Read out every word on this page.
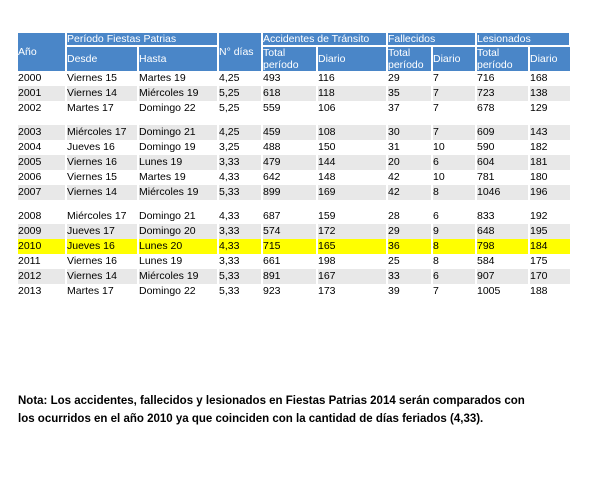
Año	Período Fiestas Patrias		N° días	Accidentes de Tránsito		Fallecidos		Lesionados	
	Desde	Hasta		Total período	Diario	Total período	Diario	Total período	Diario
2000	Viernes 15	Martes 19	4,25	493	116	29	7	716	168
2001	Viernes 14	Miércoles 19	5,25	618	118	35	7	723	138
2002	Martes 17	Domingo 22	5,25	559	106	37	7	678	129

2003	Miércoles 17	Domingo 21	4,25	459	108	30	7	609	143
2004	Jueves 16	Domingo 19	3,25	488	150	31	10	590	182
2005	Viernes 16	Lunes 19	3,33	479	144	20	6	604	181
2006	Viernes 15	Martes 19	4,33	642	148	42	10	781	180
2007	Viernes 14	Miércoles 19	5,33	899	169	42	8	1046	196

2008	Miércoles 17	Domingo 21	4,33	687	159	28	6	833	192
2009	Jueves 17	Domingo 20	3,33	574	172	29	9	648	195
2010	Jueves 16	Lunes 20	4,33	715	165	36	8	798	184
2011	Viernes 16	Lunes 19	3,33	661	198	25	8	584	175
2012	Viernes 14	Miércoles 19	5,33	891	167	33	6	907	170
2013	Martes 17	Domingo 22	5,33	923	173	39	7	1005	188
Nota: Los accidentes, fallecidos y lesionados en Fiestas Patrias 2014 serán comparados con
los ocurridos en el año 2010 ya que coinciden con la cantidad de días feriados (4,33).
